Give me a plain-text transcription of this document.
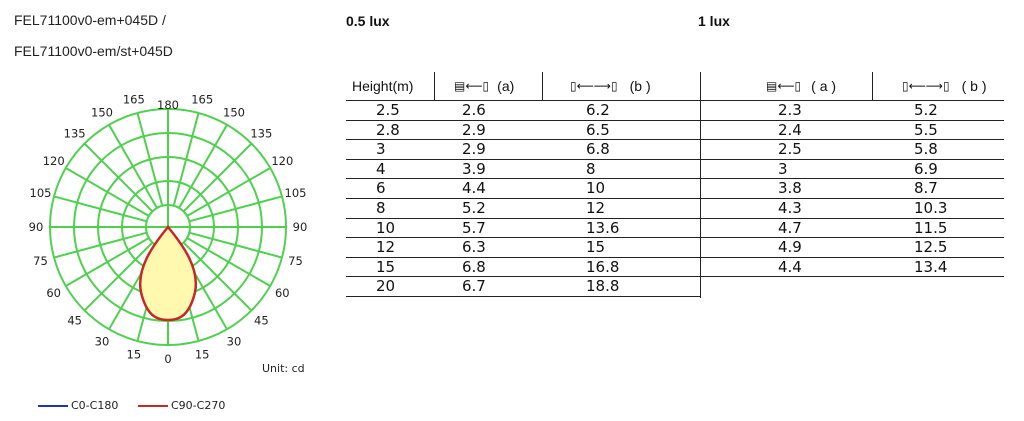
FEL71100v0-em+045D /
FEL71100v0-em/st+045D
0.5 lux	1 lux
180
165	165
150	150
135	135
120	120
105	105
90	90
75	75
60	60
45	45
30	30
15	15
0
Unit: cd
C0-C180	C90-C270
Height(m)	▤⟵▯ (a)	▯⟵⟶▯ (b )	▤⟵▯ ( a )	▯⟵⟶▯ ( b )
2.5	2.6	6.2	2.3	5.2
2.8	2.9	6.5	2.4	5.5
3	2.9	6.8	2.5	5.8
4	3.9	8	3	6.9
6	4.4	10	3.8	8.7
8	5.2	12	4.3	10.3
10	5.7	13.6	4.7	11.5
12	6.3	15	4.9	12.5
15	6.8	16.8	4.4	13.4
20	6.7	18.8
